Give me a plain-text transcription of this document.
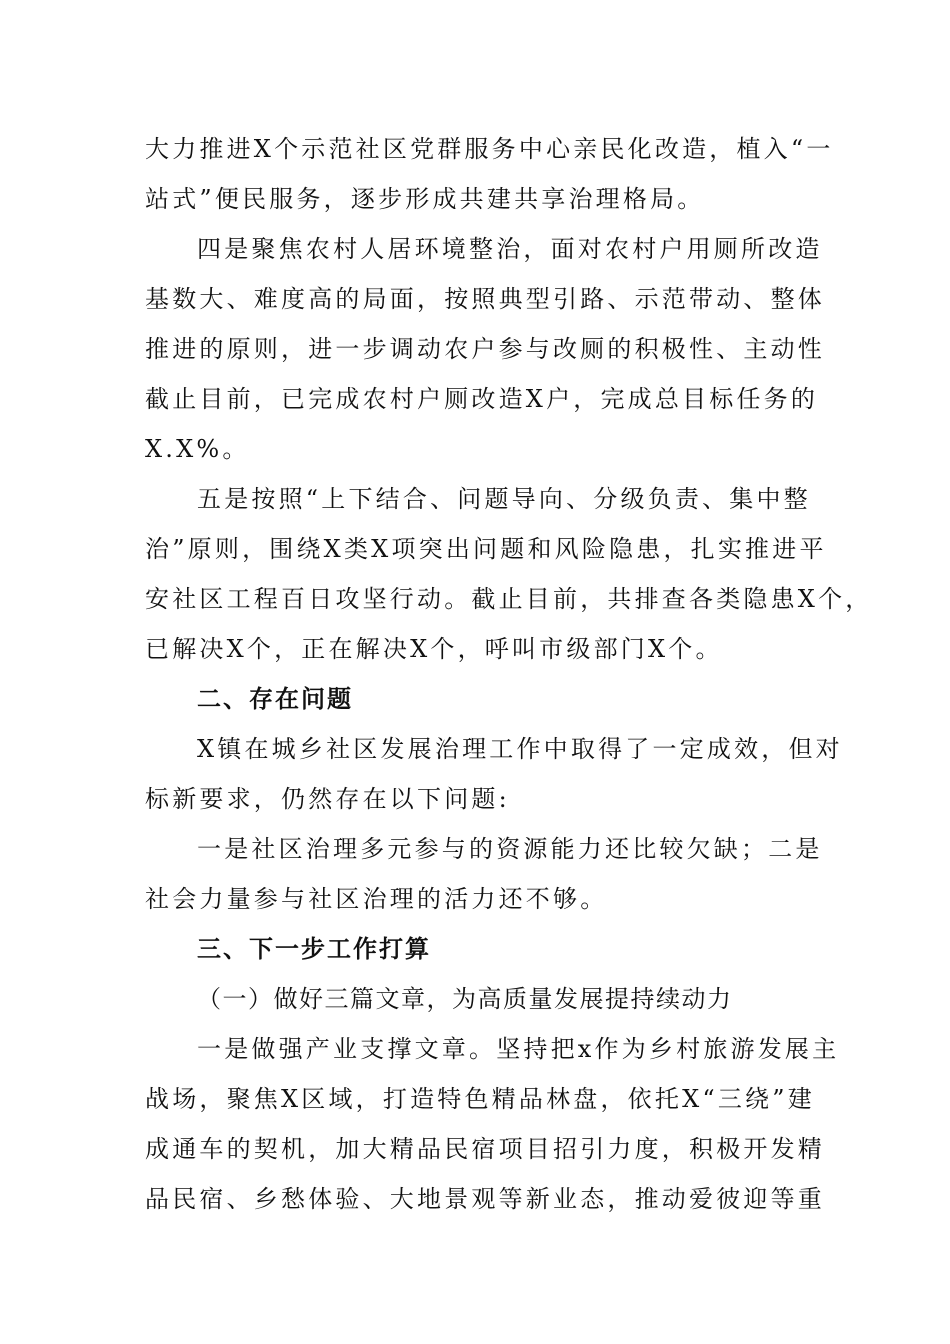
大力推进X个示范社区党群服务中心亲民化改造，植入“一
站式”便民服务，逐步形成共建共享治理格局。
四是聚焦农村人居环境整治，面对农村户用厕所改造
基数大、难度高的局面，按照典型引路、示范带动、整体
推进的原则，进一步调动农户参与改厕的积极性、主动性
截止目前，已完成农村户厕改造X户，完成总目标任务的
X.X%。
五是按照“上下结合、问题导向、分级负责、集中整
治”原则，围绕X类X项突出问题和风险隐患，扎实推进平
安社区工程百日攻坚行动。截止目前，共排查各类隐患X个，
已解决X个，正在解决X个，呼叫市级部门X个。
二、存在问题
X镇在城乡社区发展治理工作中取得了一定成效，但对
标新要求，仍然存在以下问题:
一是社区治理多元参与的资源能力还比较欠缺；二是
社会力量参与社区治理的活力还不够。
三、下一步工作打算
（一）做好三篇文章，为高质量发展提持续动力
一是做强产业支撑文章。坚持把x作为乡村旅游发展主
战场，聚焦X区域，打造特色精品林盘，依托X“三绕”建
成通车的契机，加大精品民宿项目招引力度，积极开发精
品民宿、乡愁体验、大地景观等新业态，推动爱彼迎等重
